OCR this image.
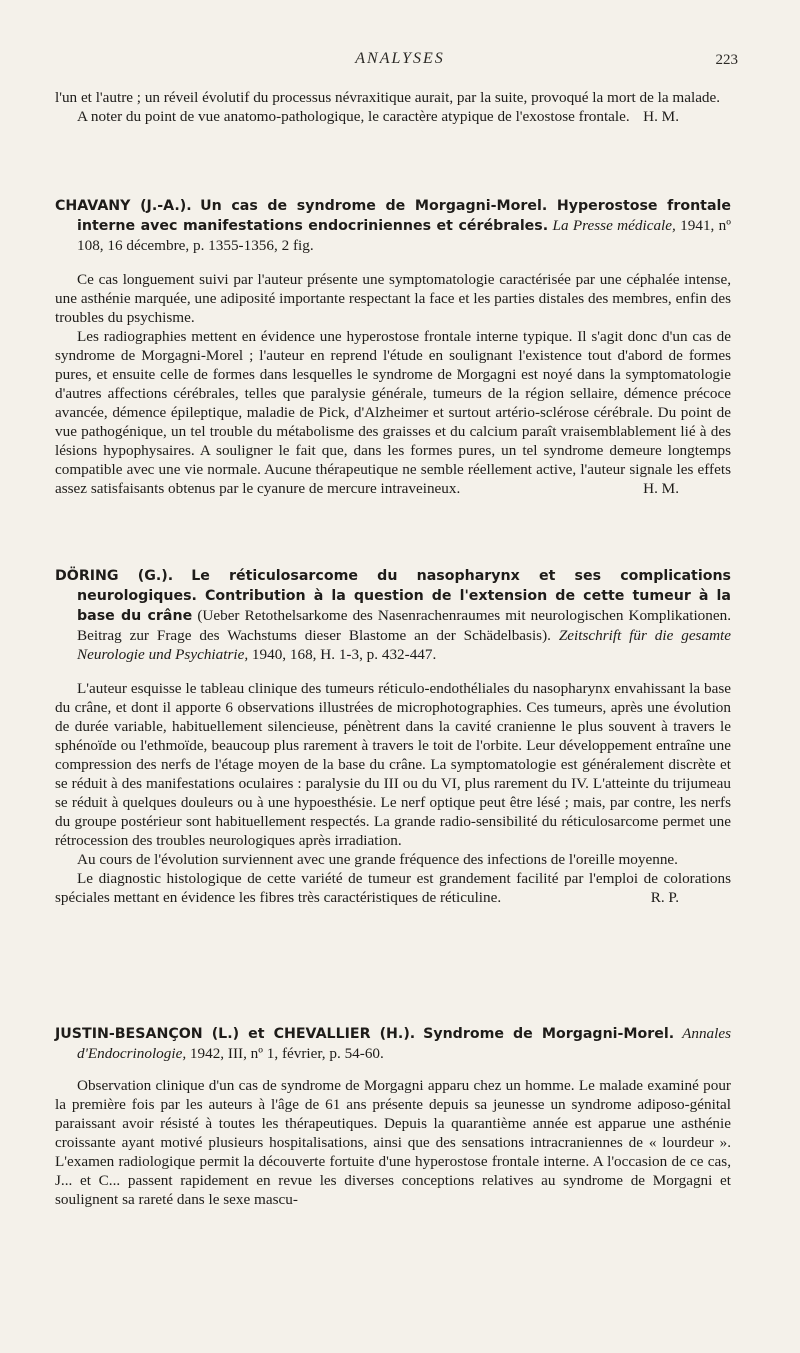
ANALYSES	223

l'un et l'autre ; un réveil évolutif du processus névraxitique aurait, par la suite, provoqué la mort de la malade.

A noter du point de vue anatomo-pathologique, le caractère atypique de l'exostose frontale. H. M.

CHAVANY (J.-A.). Un cas de syndrome de Morgagni-Morel. Hyperostose frontale interne avec manifestations endocriniennes et cérébrales. La Presse médicale, 1941, nº 108, 16 décembre, p. 1355-1356, 2 fig.

Ce cas longuement suivi par l'auteur présente une symptomatologie caractérisée par une céphalée intense, une asthénie marquée, une adiposité importante respectant la face et les parties distales des membres, enfin des troubles du psychisme.

Les radiographies mettent en évidence une hyperostose frontale interne typique. Il s'agit donc d'un cas de syndrome de Morgagni-Morel ; l'auteur en reprend l'étude en soulignant l'existence tout d'abord de formes pures, et ensuite celle de formes dans lesquelles le syndrome de Morgagni est noyé dans la symptomatologie d'autres affections cérébrales, telles que paralysie générale, tumeurs de la région sellaire, démence précoce avancée, démence épileptique, maladie de Pick, d'Alzheimer et surtout artério-sclérose cérébrale. Du point de vue pathogénique, un tel trouble du métabolisme des graisses et du calcium paraît vraisemblablement lié à des lésions hypophysaires. A souligner le fait que, dans les formes pures, un tel syndrome demeure longtemps compatible avec une vie normale. Aucune thérapeutique ne semble réellement active, l'auteur signale les effets assez satisfaisants obtenus par le cyanure de mercure intraveineux.	H. M.

DÖRING (G.). Le réticulosarcome du nasopharynx et ses complications neurologiques. Contribution à la question de l'extension de cette tumeur à la base du crâne (Ueber Retothelsarkome des Nasenrachenraumes mit neurologischen Komplikationen. Beitrag zur Frage des Wachstums dieser Blastome an der Schädelbasis). Zeitschrift für die gesamte Neurologie und Psychiatrie, 1940, 168, H. 1-3, p. 432-447.

L'auteur esquisse le tableau clinique des tumeurs réticulo-endothéliales du nasopharynx envahissant la base du crâne, et dont il apporte 6 observations illustrées de microphotographies. Ces tumeurs, après une évolution de durée variable, habituellement silencieuse, pénètrent dans la cavité cranienne le plus souvent à travers le sphénoïde ou l'ethmoïde, beaucoup plus rarement à travers le toit de l'orbite. Leur développement entraîne une compression des nerfs de l'étage moyen de la base du crâne. La symptomatologie est généralement discrète et se réduit à des manifestations oculaires : paralysie du III ou du VI, plus rarement du IV. L'atteinte du trijumeau se réduit à quelques douleurs ou à une hypoesthésie. Le nerf optique peut être lésé ; mais, par contre, les nerfs du groupe postérieur sont habituellement respectés. La grande radio-sensibilité du réticulosarcome permet une rétrocession des troubles neurologiques après irradiation.

Au cours de l'évolution surviennent avec une grande fréquence des infections de l'oreille moyenne.

Le diagnostic histologique de cette variété de tumeur est grandement facilité par l'emploi de colorations spéciales mettant en évidence les fibres très caractéristiques de réticuline.	R. P.

JUSTIN-BESANÇON (L.) et CHEVALLIER (H.). Syndrome de Morgagni-Morel. Annales d'Endocrinologie, 1942, III, nº 1, février, p. 54-60.

Observation clinique d'un cas de syndrome de Morgagni apparu chez un homme. Le malade examiné pour la première fois par les auteurs à l'âge de 61 ans présente depuis sa jeunesse un syndrome adiposo-génital paraissant avoir résisté à toutes les thérapeutiques. Depuis la quarantième année est apparue une asthénie croissante ayant motivé plusieurs hospitalisations, ainsi que des sensations intracraniennes de « lourdeur ». L'examen radiologique permit la découverte fortuite d'une hyperostose frontale interne. A l'occasion de ce cas, J... et C... passent rapidement en revue les diverses conceptions relatives au syndrome de Morgagni et soulignent sa rareté dans le sexe mascu-
